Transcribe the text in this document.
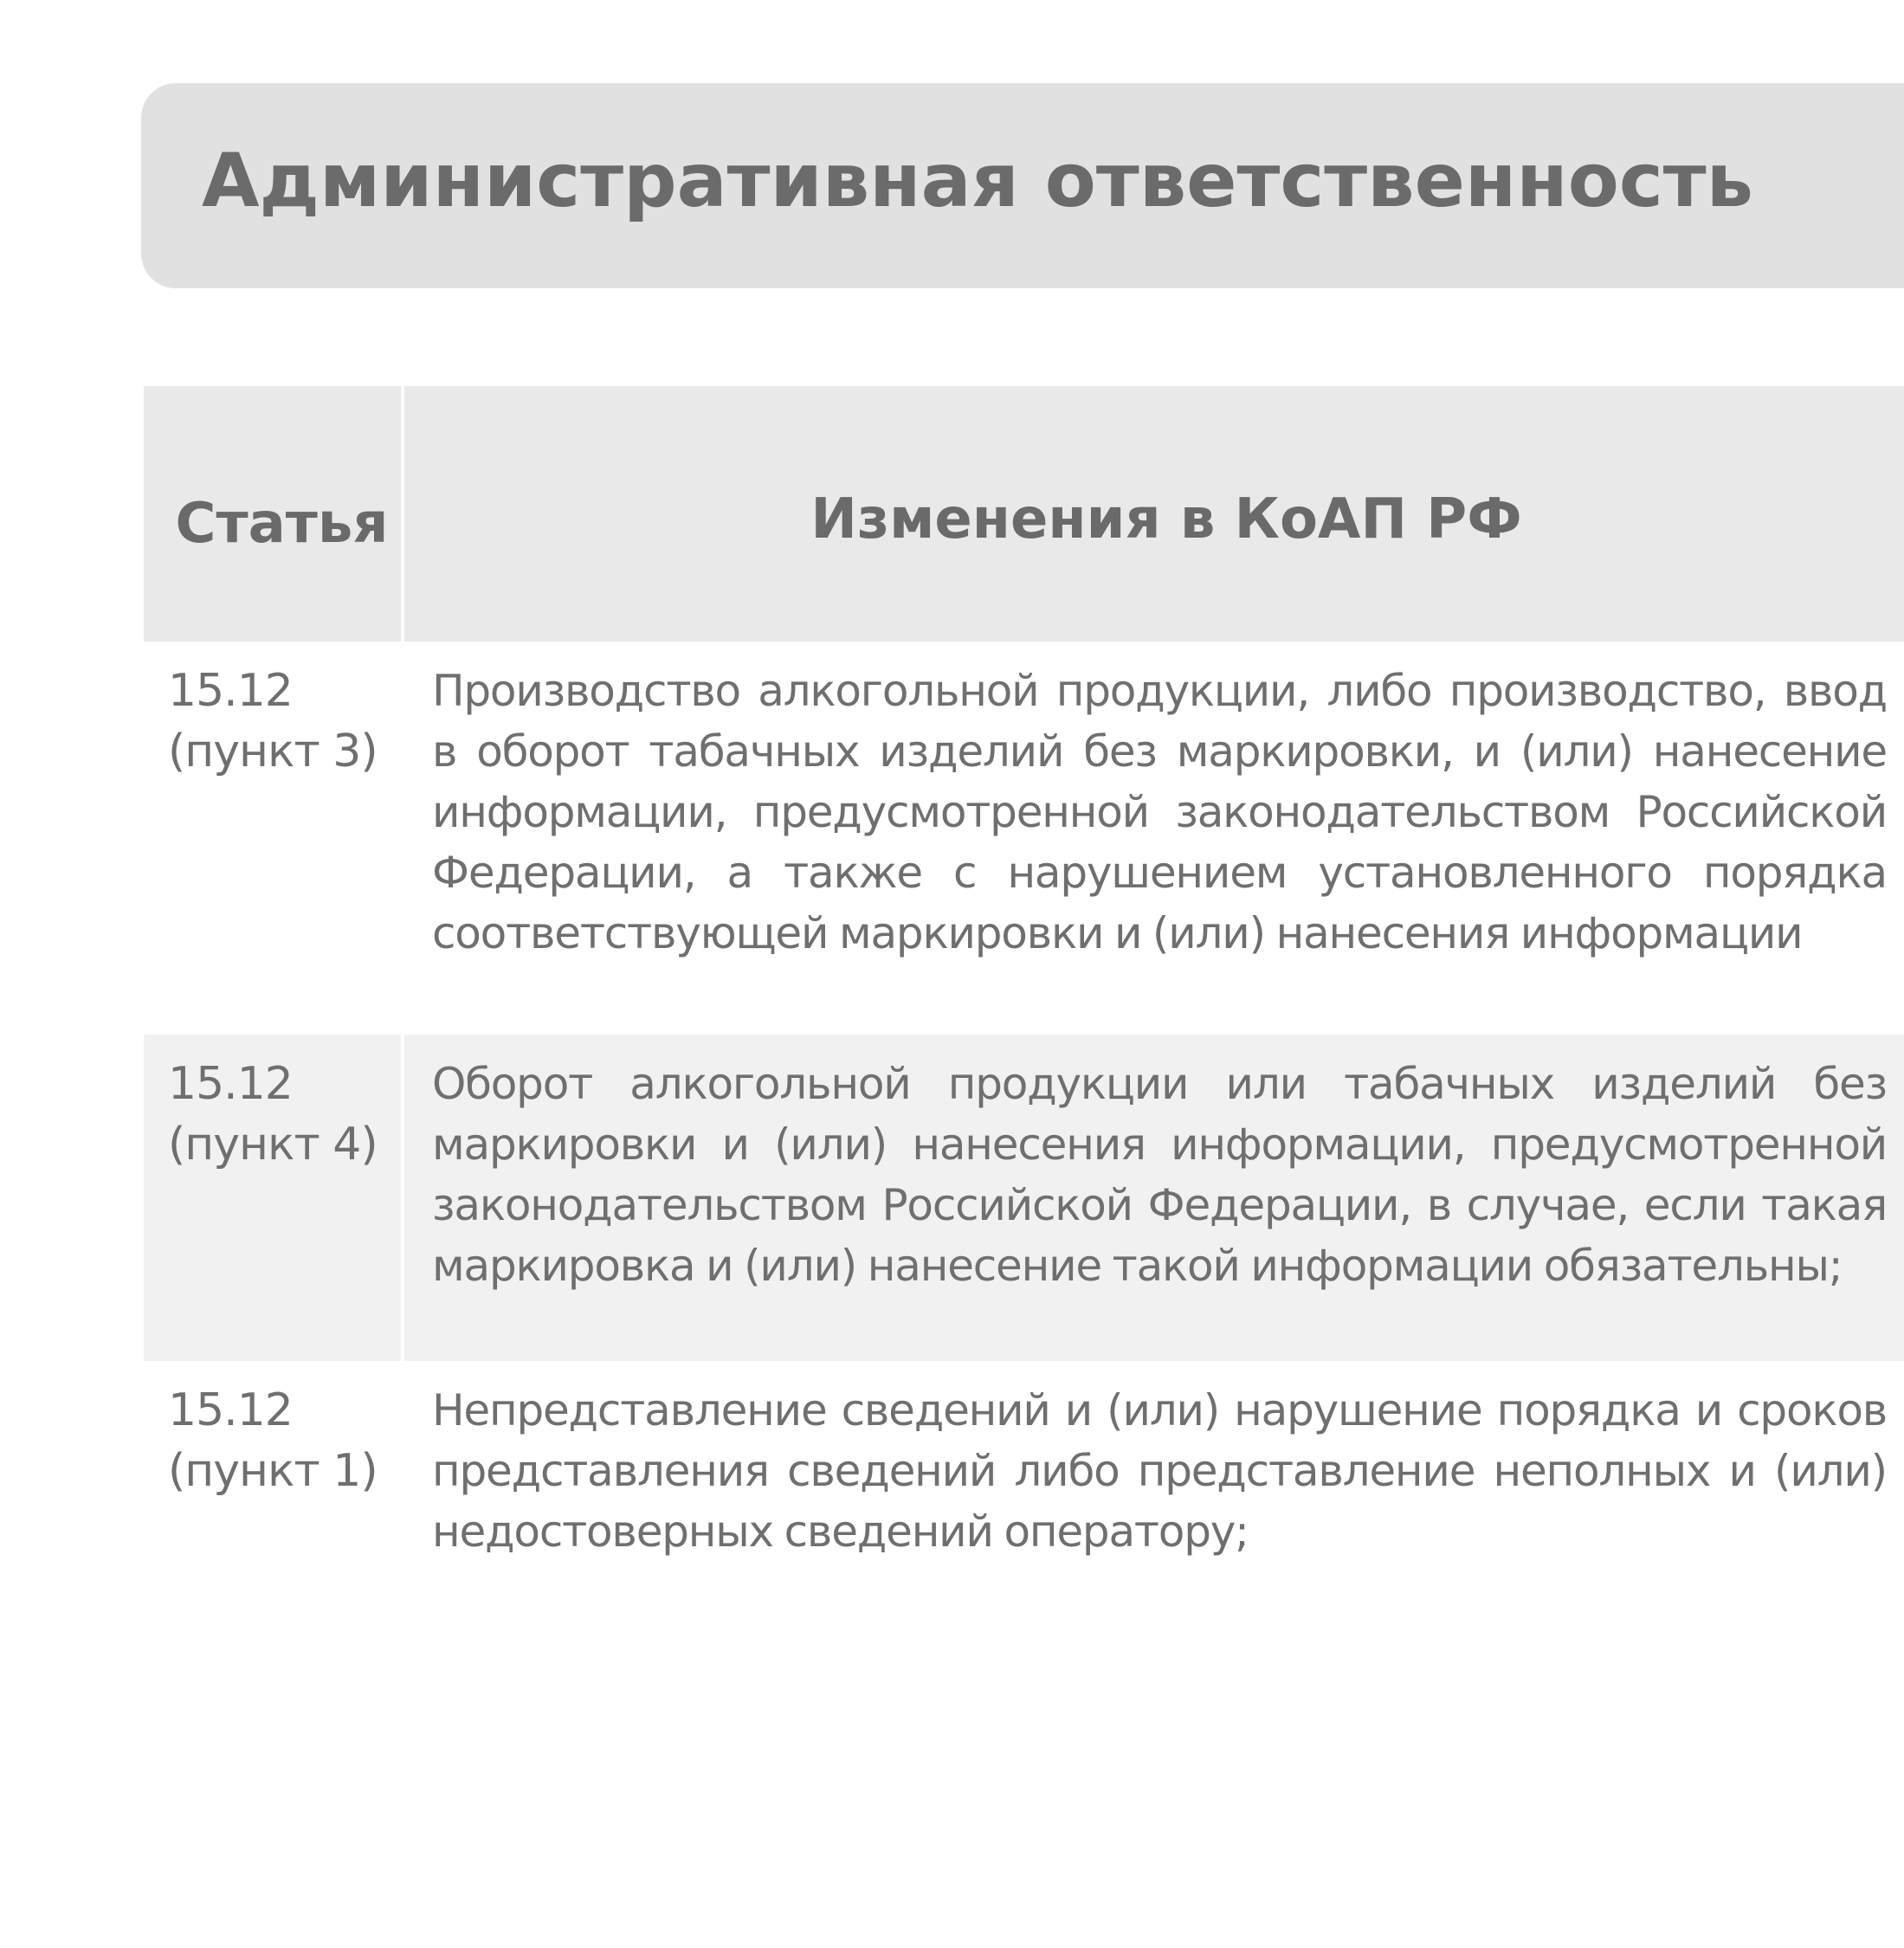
Административная ответственность
Статья	Изменения в КоАП РФ
15.12
(пункт 3)
Производство алкогольной продукции, либо производство, ввод в оборот табачных изделий без маркировки, и (или) нанесение информации, предусмотренной законодательством Российской Федерации, а также с нарушением установленного порядка соответствующей маркировки и (или) нанесения информации
15.12
(пункт 4)
Оборот алкогольной продукции или табачных изделий без маркировки и (или) нанесения информации, предусмотренной законодательством Российской Федерации, в случае, если такая маркировка и (или) нанесение такой информации обязательны;
15.12
(пункт 1)
Непредставление сведений и (или) нарушение порядка и сроков представления сведений либо представление неполных и (или) недостоверных сведений оператору;
